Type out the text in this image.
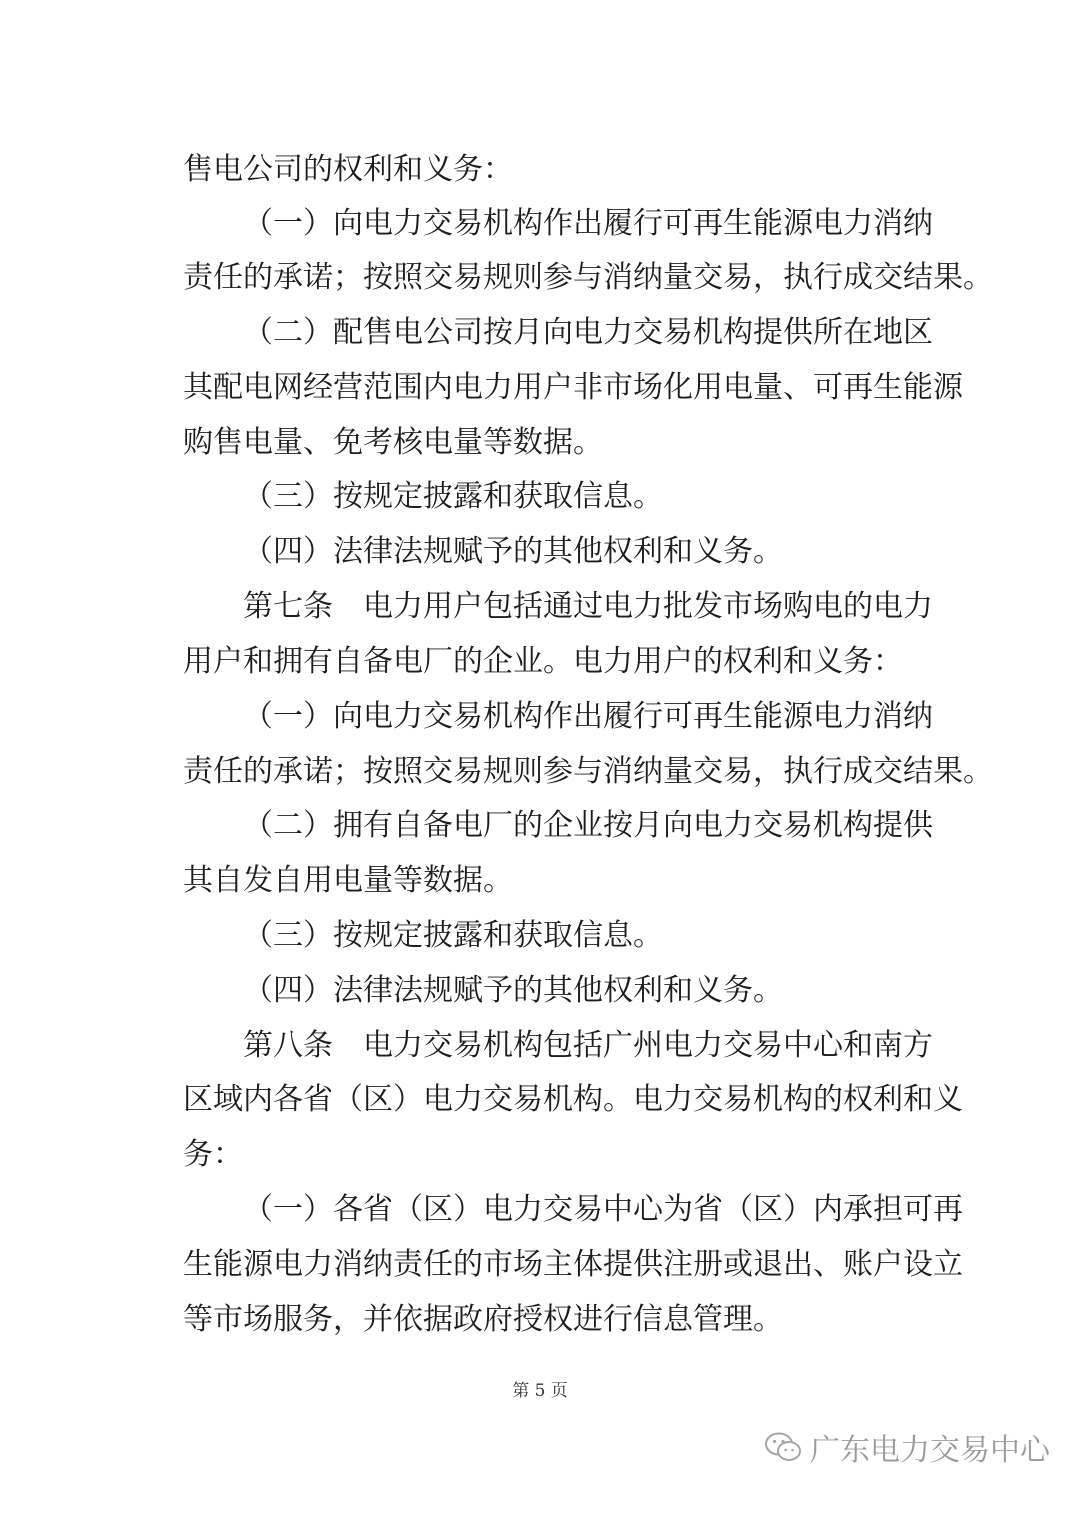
售电公司的权利和义务：

（一）向电力交易机构作出履行可再生能源电力消纳

责任的承诺；按照交易规则参与消纳量交易，执行成交结果。

（二）配售电公司按月向电力交易机构提供所在地区

其配电网经营范围内电力用户非市场化用电量、可再生能源

购售电量、免考核电量等数据。

（三）按规定披露和获取信息。

（四）法律法规赋予的其他权利和义务。

第七条　电力用户包括通过电力批发市场购电的电力

用户和拥有自备电厂的企业。电力用户的权利和义务：

（一）向电力交易机构作出履行可再生能源电力消纳

责任的承诺；按照交易规则参与消纳量交易，执行成交结果。

（二）拥有自备电厂的企业按月向电力交易机构提供

其自发自用电量等数据。

（三）按规定披露和获取信息。

（四）法律法规赋予的其他权利和义务。

第八条　电力交易机构包括广州电力交易中心和南方

区域内各省（区）电力交易机构。电力交易机构的权利和义

务：

（一）各省（区）电力交易中心为省（区）内承担可再

生能源电力消纳责任的市场主体提供注册或退出、账户设立

等市场服务，并依据政府授权进行信息管理。

第 5 页
广东电力交易中心
